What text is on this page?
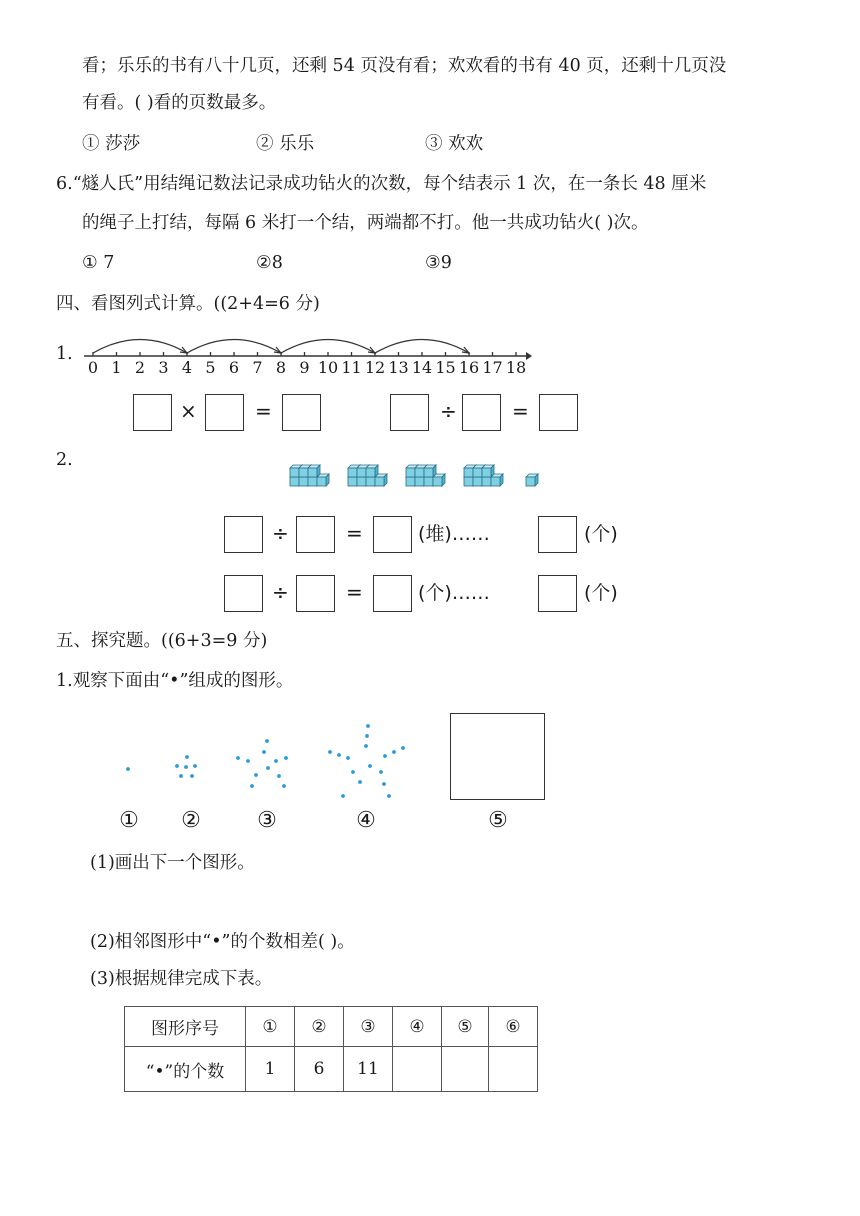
看；乐乐的书有八十几页，还剩 54 页没有看；欢欢看的书有 40 页，还剩十几页没
有看。( )看的页数最多。
① 莎莎	② 乐乐	③ 欢欢
6.“燧人氏”用结绳记数法记录成功钻火的次数，每个结表示 1 次，在一条长 48 厘米
的绳子上打结，每隔 6 米打一个结，两端都不打。他一共成功钻火( )次。
① 7	②8	③9
四、看图列式计算。((2+4=6 分)
1.
0 1 2 3 4 5 6 7 8 9 10 11 12 13 14 15 16 17 18
×	=	÷	=
2.
÷	=	(堆)……	(个)
÷	=	(个)……	(个)
五、探究题。((6+3=9 分)
1.观察下面由“•”组成的图形。
① ②	③	④	⑤
(1)画出下一个图形。
(2)相邻图形中“•”的个数相差( )。
(3)根据规律完成下表。
图形序号	①	②	③	④	⑤	⑥
“•”的个数	1	6	11			
